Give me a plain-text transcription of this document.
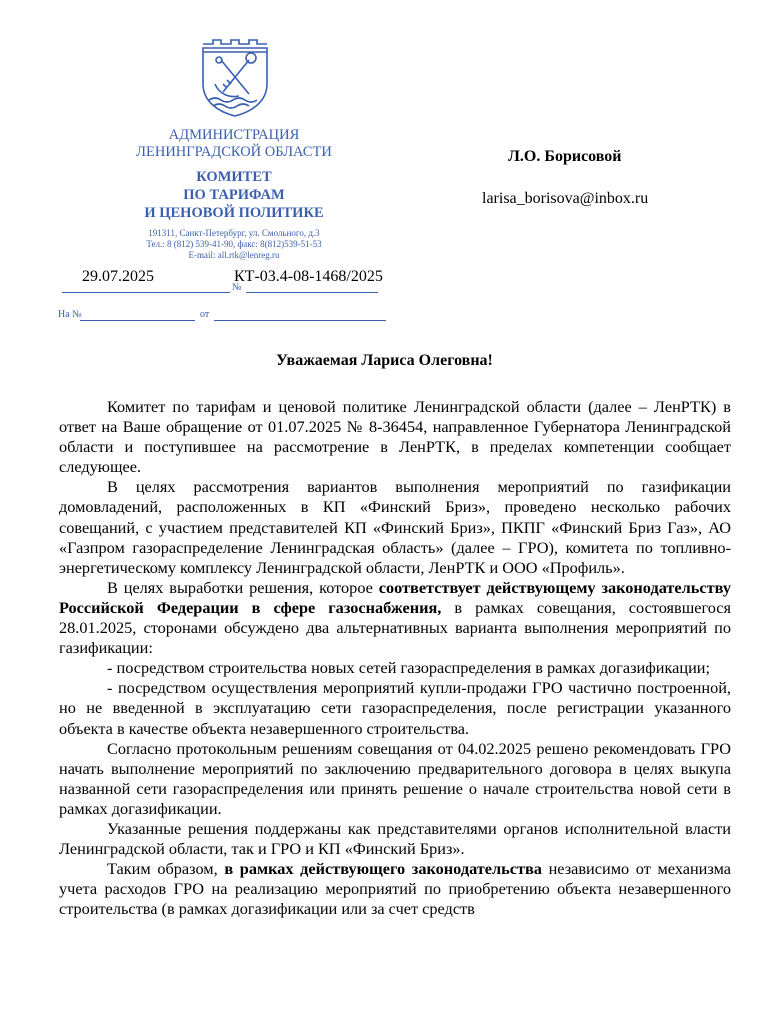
АДМИНИСТРАЦИЯ
ЛЕНИНГРАДСКОЙ ОБЛАСТИ
КОМИТЕТ
ПО ТАРИФАМ
И ЦЕНОВОЙ ПОЛИТИКЕ
191311, Санкт-Петербург, ул. Смольного, д.3
Тел.: 8 (812) 539-41-90, факс: 8(812)539-51-53
E-mail: all.rtk@lenreg.ru
29.07.2025	КТ-03.4-08-1468/2025
№
На №	от
Л.О. Борисовой
larisa_borisova@inbox.ru
Уважаемая Лариса Олеговна!

Комитет по тарифам и ценовой политике Ленинградской области (далее – ЛенРТК) в ответ на Ваше обращение от 01.07.2025 № 8-36454, направленное Губернатора Ленинградской области и поступившее на рассмотрение в ЛенРТК, в пределах компетенции сообщает следующее.

В целях рассмотрения вариантов выполнения мероприятий по газификации домовладений, расположенных в КП «Финский Бриз», проведено несколько рабочих совещаний, с участием представителей КП «Финский Бриз», ПКПГ «Финский Бриз Газ», АО «Газпром газораспределение Ленинградская область» (далее – ГРО), комитета по топливно-энергетическому комплексу Ленинградской области, ЛенРТК и ООО «Профиль».

В целях выработки решения, которое соответствует действующему законодательству Российской Федерации в сфере газоснабжения, в рамках совещания, состоявшегося 28.01.2025, сторонами обсуждено два альтернативных варианта выполнения мероприятий по газификации:

- посредством строительства новых сетей газораспределения в рамках догазификации;

- посредством осуществления мероприятий купли-продажи ГРО частично построенной, но не введенной в эксплуатацию сети газораспределения, после регистрации указанного объекта в качестве объекта незавершенного строительства.

Согласно протокольным решениям совещания от 04.02.2025 решено рекомендовать ГРО начать выполнение мероприятий по заключению предварительного договора в целях выкупа названной сети газораспределения или принять решение о начале строительства новой сети в рамках догазификации.

Указанные решения поддержаны как представителями органов исполнительной власти Ленинградской области, так и ГРО и КП «Финский Бриз».

Таким образом, в рамках действующего законодательства независимо от механизма учета расходов ГРО на реализацию мероприятий по приобретению объекта незавершенного строительства (в рамках догазификации или за счет средств
